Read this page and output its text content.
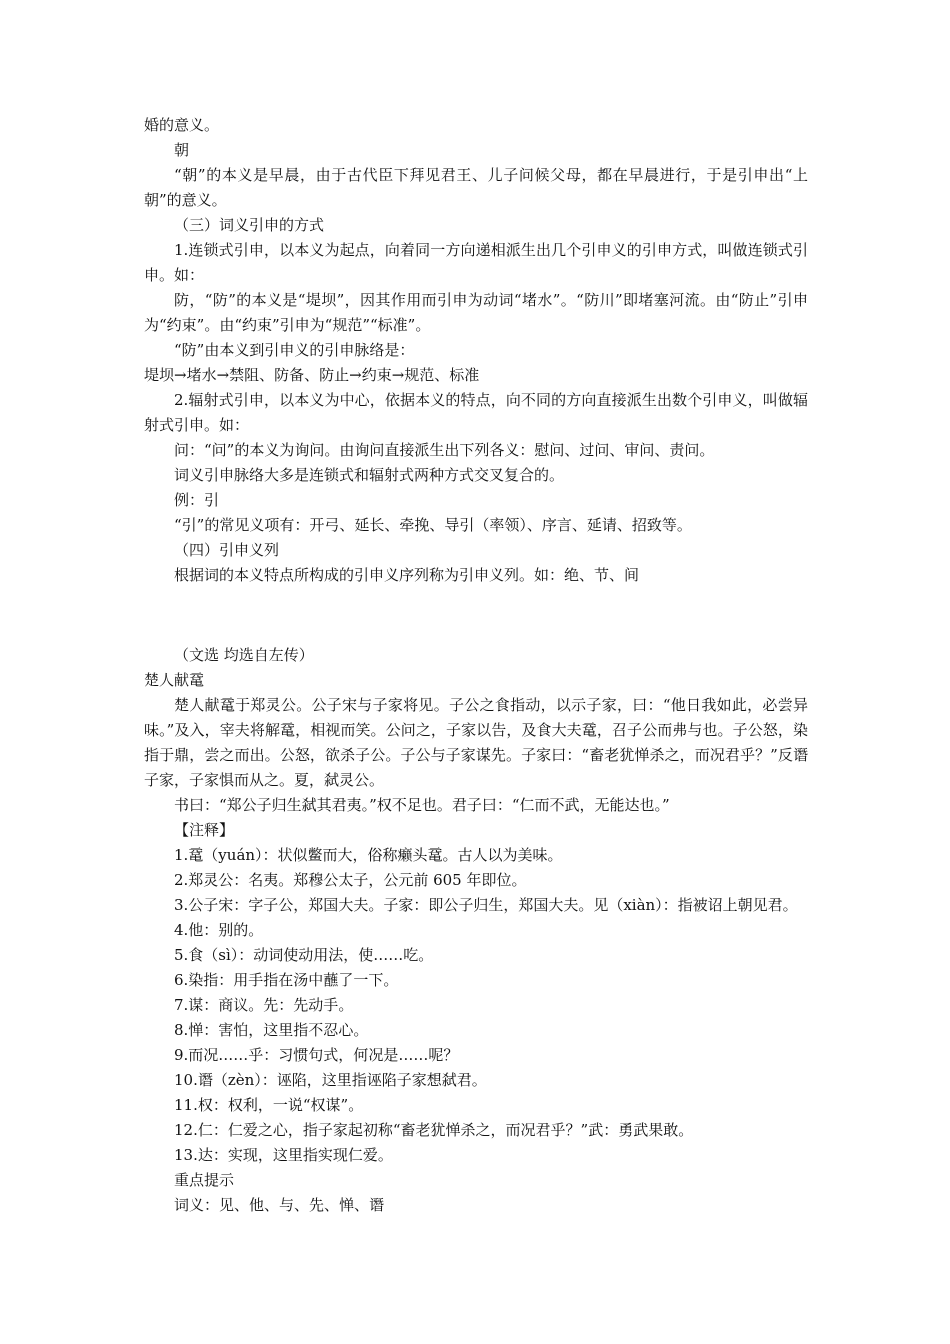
婚的意义。

朝

“朝”的本义是早晨，由于古代臣下拜见君王、儿子问候父母，都在早晨进行，于是引申出“上朝”的意义。

（三）词义引申的方式

1.连锁式引申，以本义为起点，向着同一方向递相派生出几个引申义的引申方式，叫做连锁式引申。如：

防，“防”的本义是“堤坝”，因其作用而引申为动词“堵水”。“防川”即堵塞河流。由“防止”引申为“约束”。由“约束”引申为“规范”“标准”。

“防”由本义到引申义的引申脉络是：

堤坝→堵水→禁阻、防备、防止→约束→规范、标准

2.辐射式引申，以本义为中心，依据本义的特点，向不同的方向直接派生出数个引申义，叫做辐射式引申。如：

问：“问”的本义为询问。由询问直接派生出下列各义：慰问、过问、审问、责问。

词义引申脉络大多是连锁式和辐射式两种方式交叉复合的。

例：引

“引”的常见义项有：开弓、延长、牵挽、导引（率领）、序言、延请、招致等。

（四）引申义列

根据词的本义特点所构成的引申义序列称为引申义列。如：绝、节、间

（文选 均选自左传）

楚人献鼋

楚人献鼋于郑灵公。公子宋与子家将见。子公之食指动，以示子家，曰：“他日我如此，必尝异味。”及入，宰夫将解鼋，相视而笑。公问之，子家以告，及食大夫鼋，召子公而弗与也。子公怒，染指于鼎，尝之而出。公怒，欲杀子公。子公与子家谋先。子家曰：“畜老犹惮杀之，而况君乎？”反谮子家，子家惧而从之。夏，弑灵公。

书曰：“郑公子归生弑其君夷。”权不足也。君子曰：“仁而不武，无能达也。”

【注释】

1.鼋（yuán）：状似鳖而大，俗称癞头鼋。古人以为美味。

2.郑灵公：名夷。郑穆公太子，公元前 605 年即位。

3.公子宋：字子公，郑国大夫。子家：即公子归生，郑国大夫。见（xiàn）：指被诏上朝见君。

4.他：别的。

5.食（sì）：动词使动用法，使……吃。

6.染指：用手指在汤中蘸了一下。

7.谋：商议。先：先动手。

8.惮：害怕，这里指不忍心。

9.而况……乎：习惯句式，何况是……呢？

10.谮（zèn）：诬陷，这里指诬陷子家想弑君。

11.权：权利，一说“权谋”。

12.仁：仁爱之心，指子家起初称“畜老犹惮杀之，而况君乎？”武：勇武果敢。

13.达：实现，这里指实现仁爱。

重点提示

词义：见、他、与、先、惮、谮
